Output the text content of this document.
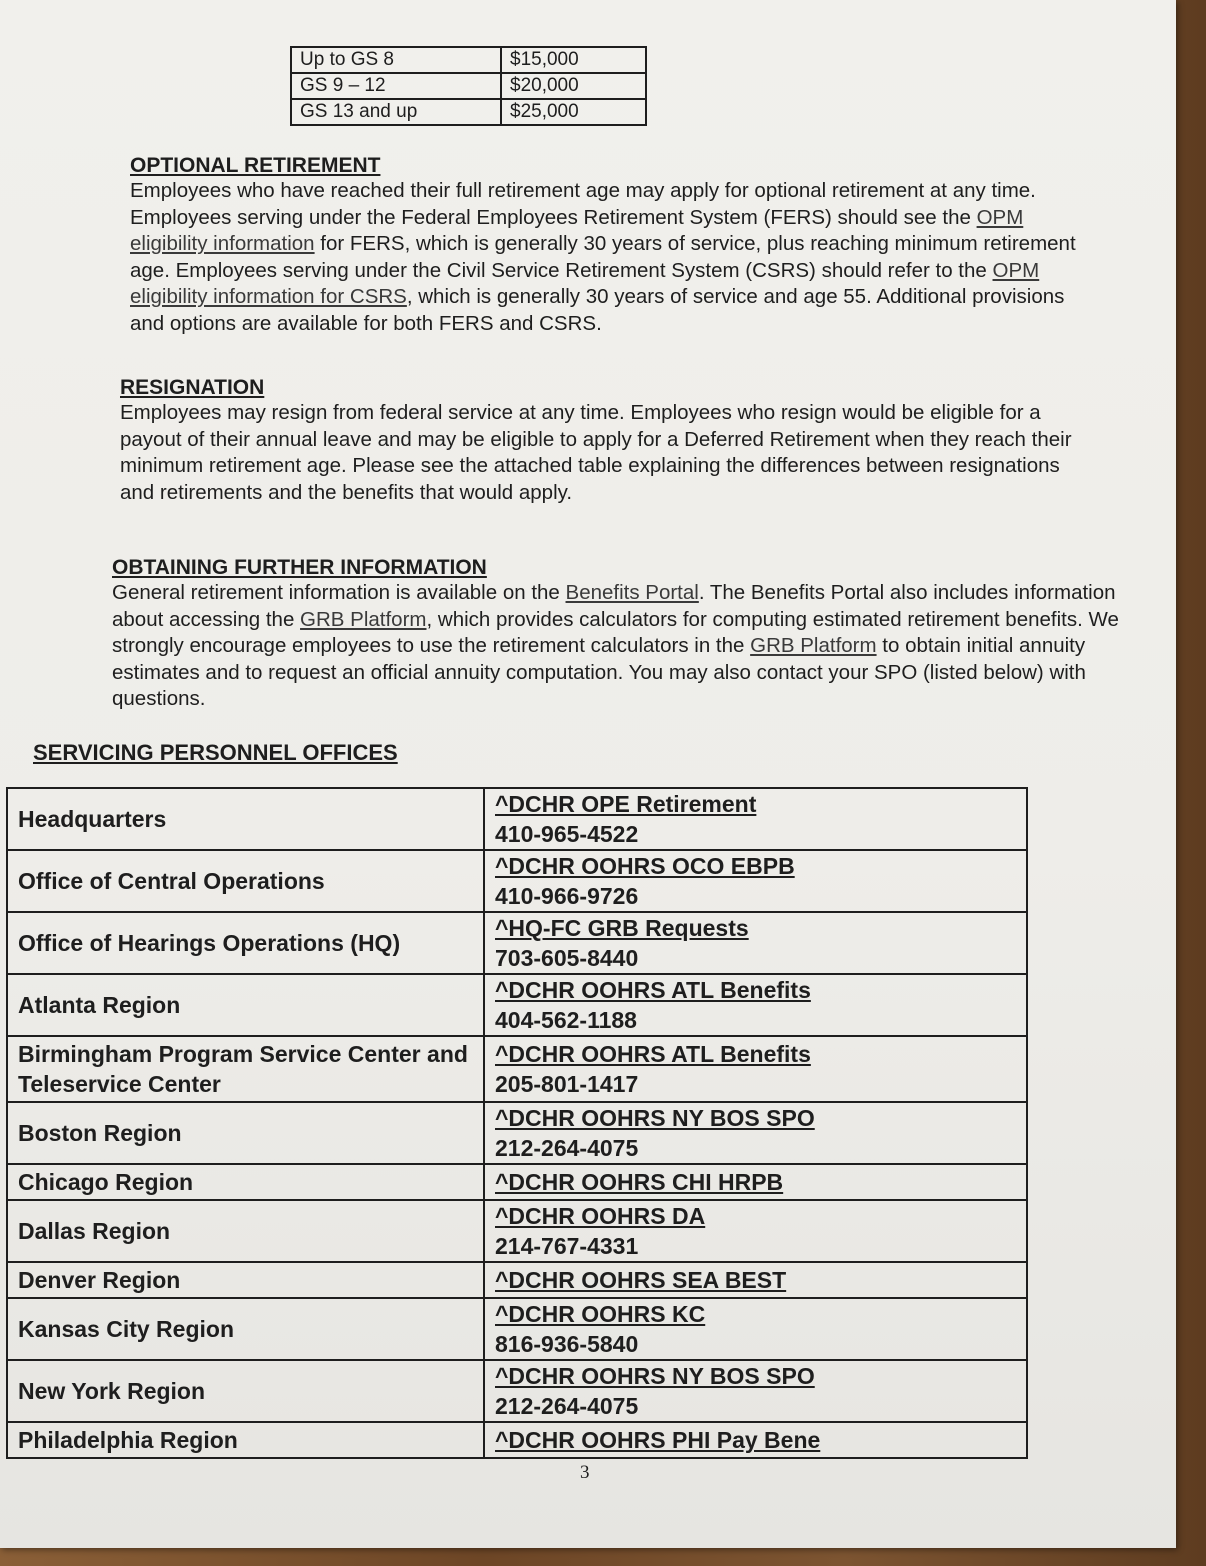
Up to GS 8	$15,000
GS 9 – 12	$20,000
GS 13 and up	$25,000
OPTIONAL RETIREMENT

Employees who have reached their full retirement age may apply for optional retirement at any time. Employees serving under the Federal Employees Retirement System (FERS) should see the OPM eligibility information for FERS, which is generally 30 years of service, plus reaching minimum retirement age. Employees serving under the Civil Service Retirement System (CSRS) should refer to the OPM eligibility information for CSRS, which is generally 30 years of service and age 55. Additional provisions and options are available for both FERS and CSRS.

RESIGNATION

Employees may resign from federal service at any time. Employees who resign would be eligible for a payout of their annual leave and may be eligible to apply for a Deferred Retirement when they reach their minimum retirement age. Please see the attached table explaining the differences between resignations and retirements and the benefits that would apply.

OBTAINING FURTHER INFORMATION

General retirement information is available on the Benefits Portal. The Benefits Portal also includes information about accessing the GRB Platform, which provides calculators for computing estimated retirement benefits. We strongly encourage employees to use the retirement calculators in the GRB Platform to obtain initial annuity estimates and to request an official annuity computation. You may also contact your SPO (listed below) with questions.

SERVICING PERSONNEL OFFICES
Headquarters	^DCHR OPE Retirement
410-965-4522

Office of Central Operations	^DCHR OOHRS OCO EBPB
410-966-9726

Office of Hearings Operations (HQ)	^HQ-FC GRB Requests
703-605-8440

Atlanta Region	^DCHR OOHRS ATL Benefits
404-562-1188

Birmingham Program Service Center and Teleservice Center	^DCHR OOHRS ATL Benefits
205-801-1417

Boston Region	^DCHR OOHRS NY BOS SPO
212-264-4075

Chicago Region	^DCHR OOHRS CHI HRPB

Dallas Region	^DCHR OOHRS DA
214-767-4331

Denver Region	^DCHR OOHRS SEA BEST

Kansas City Region	^DCHR OOHRS KC
816-936-5840

New York Region	^DCHR OOHRS NY BOS SPO
212-264-4075

Philadelphia Region	^DCHR OOHRS PHI Pay Bene
3
